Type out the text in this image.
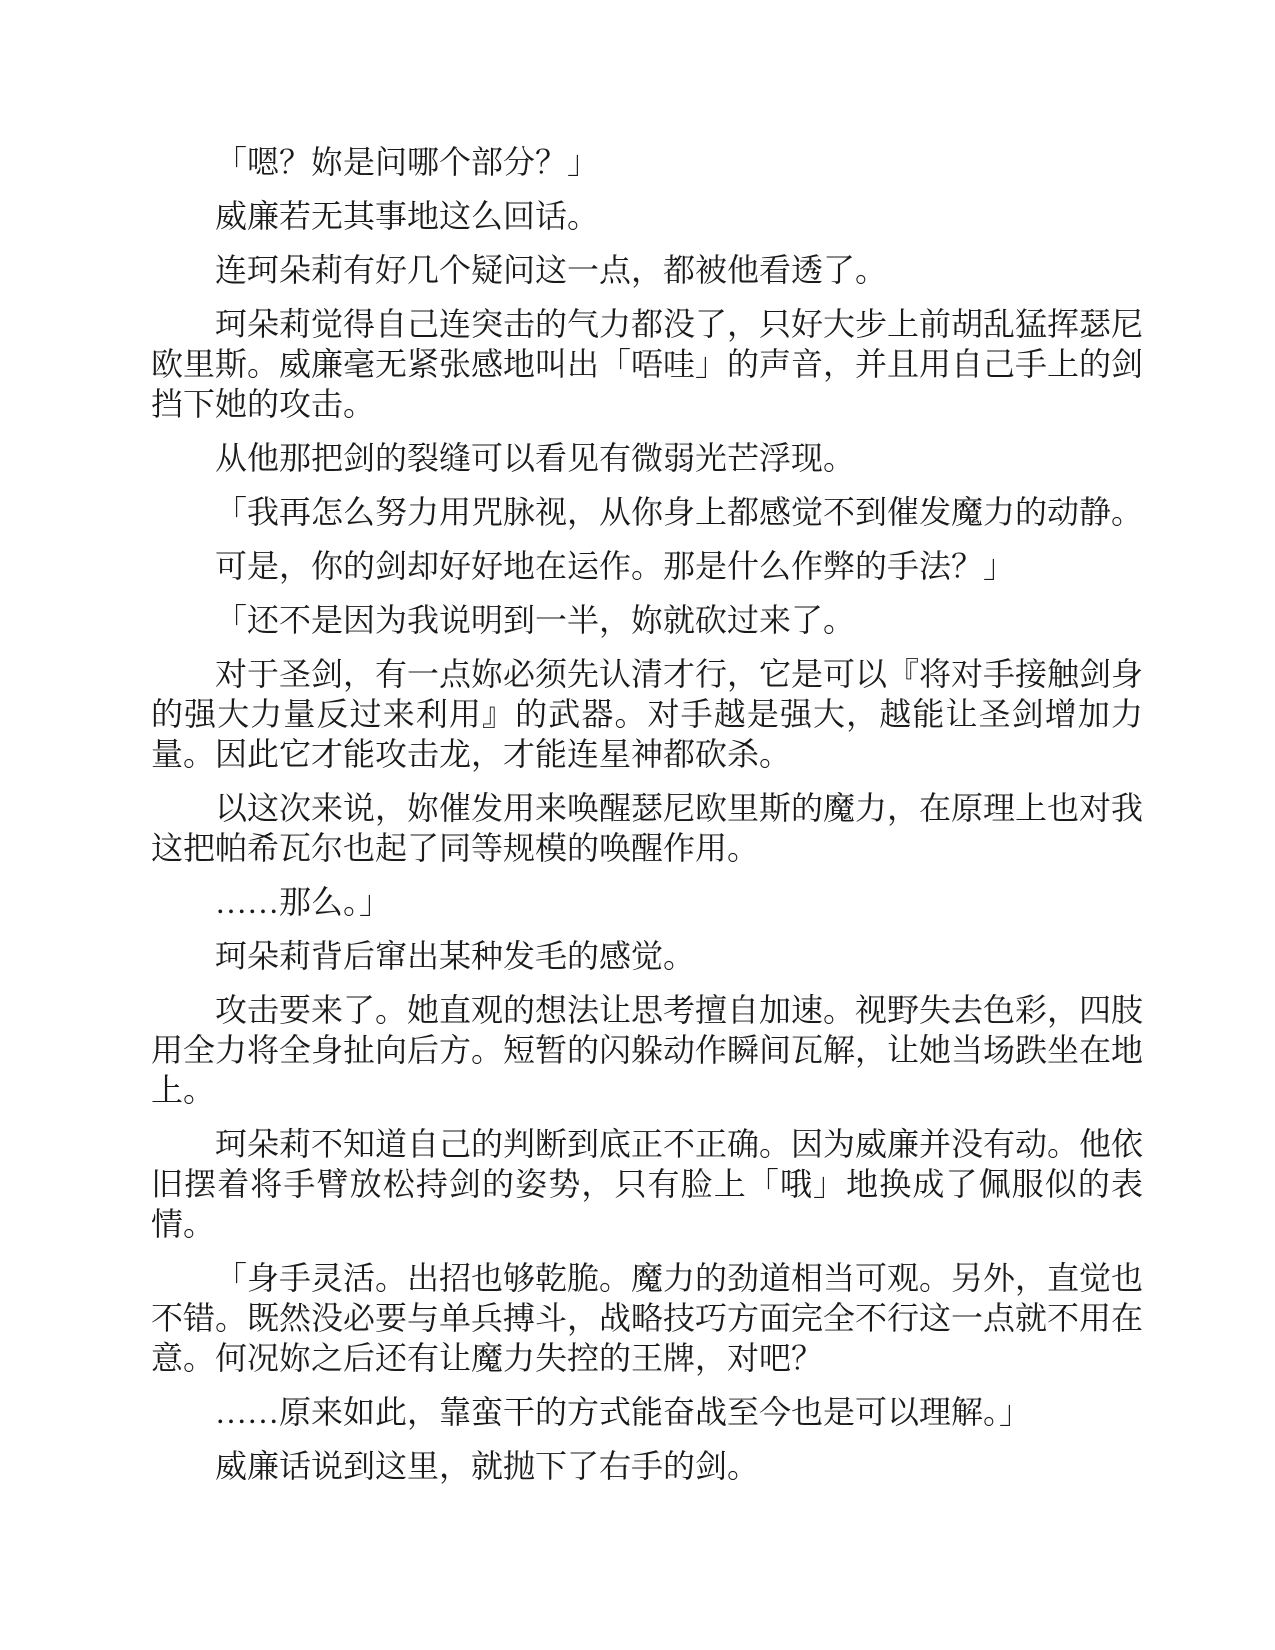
「嗯？妳是问哪个部分？」

威廉若无其事地这么回话。

连珂朵莉有好几个疑问这一点，都被他看透了。

珂朵莉觉得自己连突击的气力都没了，只好大步上前胡乱猛挥瑟尼欧里斯。威廉毫无紧张感地叫出「唔哇」的声音，并且用自己手上的剑挡下她的攻击。

从他那把剑的裂缝可以看见有微弱光芒浮现。

「我再怎么努力用咒脉视，从你身上都感觉不到催发魔力的动静。

可是，你的剑却好好地在运作。那是什么作弊的手法？」

「还不是因为我说明到一半，妳就砍过来了。

对于圣剑，有一点妳必须先认清才行，它是可以『将对手接触剑身的强大力量反过来利用』的武器。对手越是强大，越能让圣剑增加力量。因此它才能攻击龙，才能连星神都砍杀。

以这次来说，妳催发用来唤醒瑟尼欧里斯的魔力，在原理上也对我这把帕希瓦尔也起了同等规模的唤醒作用。

……那么。」

珂朵莉背后窜出某种发毛的感觉。

攻击要来了。她直观的想法让思考擅自加速。视野失去色彩，四肢用全力将全身扯向后方。短暂的闪躲动作瞬间瓦解，让她当场跌坐在地上。

珂朵莉不知道自己的判断到底正不正确。因为威廉并没有动。他依旧摆着将手臂放松持剑的姿势，只有脸上「哦」地换成了佩服似的表情。

「身手灵活。出招也够乾脆。魔力的劲道相当可观。另外，直觉也不错。既然没必要与单兵搏斗，战略技巧方面完全不行这一点就不用在意。何况妳之后还有让魔力失控的王牌，对吧？

……原来如此，靠蛮干的方式能奋战至今也是可以理解。」

威廉话说到这里，就抛下了右手的剑。
